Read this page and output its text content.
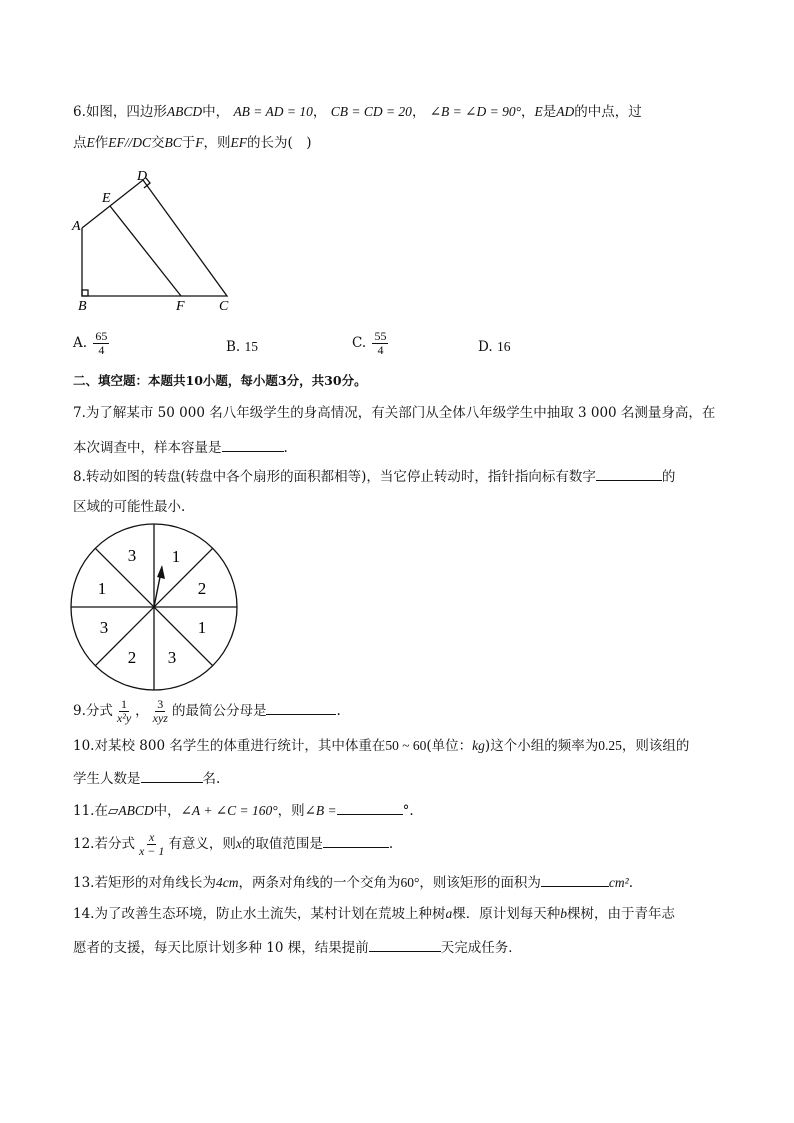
6.如图，四边形ABCD中， AB = AD = 10， CB = CD = 20， ∠B = ∠D = 90°，E是AD的中点，过
点E作EF//DC交BC于F，则EF的长为(　)
A
B	C
D
E
F
A. $\frac{65}{4}$	B. 15	C. $\frac{55}{4}$	D. 16
二、填空题：本题共10小题，每小题3分，共30分。
7.为了解某市 50 000 名八年级学生的身高情况，有关部门从全体八年级学生中抽取 3 000 名测量身高，在
本次调查中，样本容量是	.
8.转动如图的转盘(转盘中各个扇形的面积都相等)，当它停止转动时，指针指向标有数字	的
区域的可能性最小.
1
2
1
3
2
3
1
3
9.分式 $\frac{1}{\text{x²y}}$ ， $\frac{3}{\text{xyz}}$ 的最简公分母是	.
10.对某校 800 名学生的体重进行统计，其中体重在50 ~ 60(单位：kg)这个小组的频率为0.25，则该组的
学生人数是	名.
11.在▱ABCD中，∠A + ∠C = 160°，则∠B =	°.
12.若分式 $\frac{x}{x - 1}$ 有意义，则x的取值范围是	.
13.若矩形的对角线长为4cm，两条对角线的一个交角为60°，则该矩形的面积为	cm².
14.为了改善生态环境，防止水土流失，某村计划在荒坡上种树a棵．原计划每天种b棵树，由于青年志
愿者的支援，每天比原计划多种 10 棵，结果提前	天完成任务．
